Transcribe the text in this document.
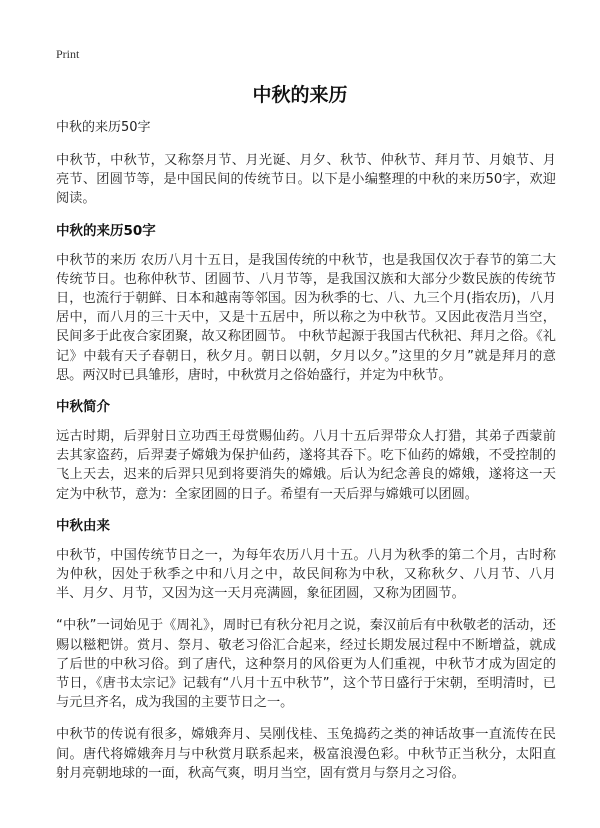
Print
中秋的来历

中秋的来历50字

中秋节，中秋节，又称祭月节、月光诞、月夕、秋节、仲秋节、拜月节、月娘节、月亮节、团圆节等，是中国民间的传统节日。以下是小编整理的中秋的来历50字，欢迎阅读。

中秋的来历50字

中秋节的来历 农历八月十五日，是我国传统的中秋节，也是我国仅次于春节的第二大传统节日。也称仲秋节、团圆节、八月节等，是我国汉族和大部分少数民族的传统节日，也流行于朝鲜、日本和越南等邻国。因为秋季的七、八、九三个月(指农历)，八月居中，而八月的三十天中，又是十五居中，所以称之为中秋节。又因此夜浩月当空，民间多于此夜合家团聚，故又称团圆节。 中秋节起源于我国古代秋祀、拜月之俗。《礼记》中载有天子春朝日，秋夕月。朝日以朝，夕月以夕。”这里的夕月”就是拜月的意思。两汉时已具雏形，唐时，中秋赏月之俗始盛行，并定为中秋节。

中秋简介

远古时期，后羿射日立功西王母赏赐仙药。八月十五后羿带众人打猎，其弟子西蒙前去其家盗药，后羿妻子嫦娥为保护仙药，遂将其吞下。吃下仙药的嫦娥，不受控制的飞上天去，迟来的后羿只见到将要消失的嫦娥。后认为纪念善良的嫦娥，遂将这一天定为中秋节，意为：全家团圆的日子。希望有一天后羿与嫦娥可以团圆。

中秋由来

中秋节，中国传统节日之一，为每年农历八月十五。八月为秋季的第二个月，古时称为仲秋，因处于秋季之中和八月之中，故民间称为中秋，又称秋夕、八月节、八月半、月夕、月节，又因为这一天月亮满圆，象征团圆，又称为团圆节。

“中秋”一词始见于《周礼》，周时已有秋分祀月之说，秦汉前后有中秋敬老的活动，还赐以糍粑饼。赏月、祭月、敬老习俗汇合起来，经过长期发展过程中不断增益，就成了后世的中秋习俗。到了唐代，这种祭月的风俗更为人们重视，中秋节才成为固定的节日，《唐书太宗记》记载有“八月十五中秋节”，这个节日盛行于宋朝，至明清时，已与元旦齐名，成为我国的主要节日之一。

中秋节的传说有很多，嫦娥奔月、吴刚伐桂、玉兔捣药之类的神话故事一直流传在民间。唐代将嫦娥奔月与中秋赏月联系起来，极富浪漫色彩。中秋节正当秋分，太阳直射月亮朝地球的一面，秋高气爽，明月当空，固有赏月与祭月之习俗。
